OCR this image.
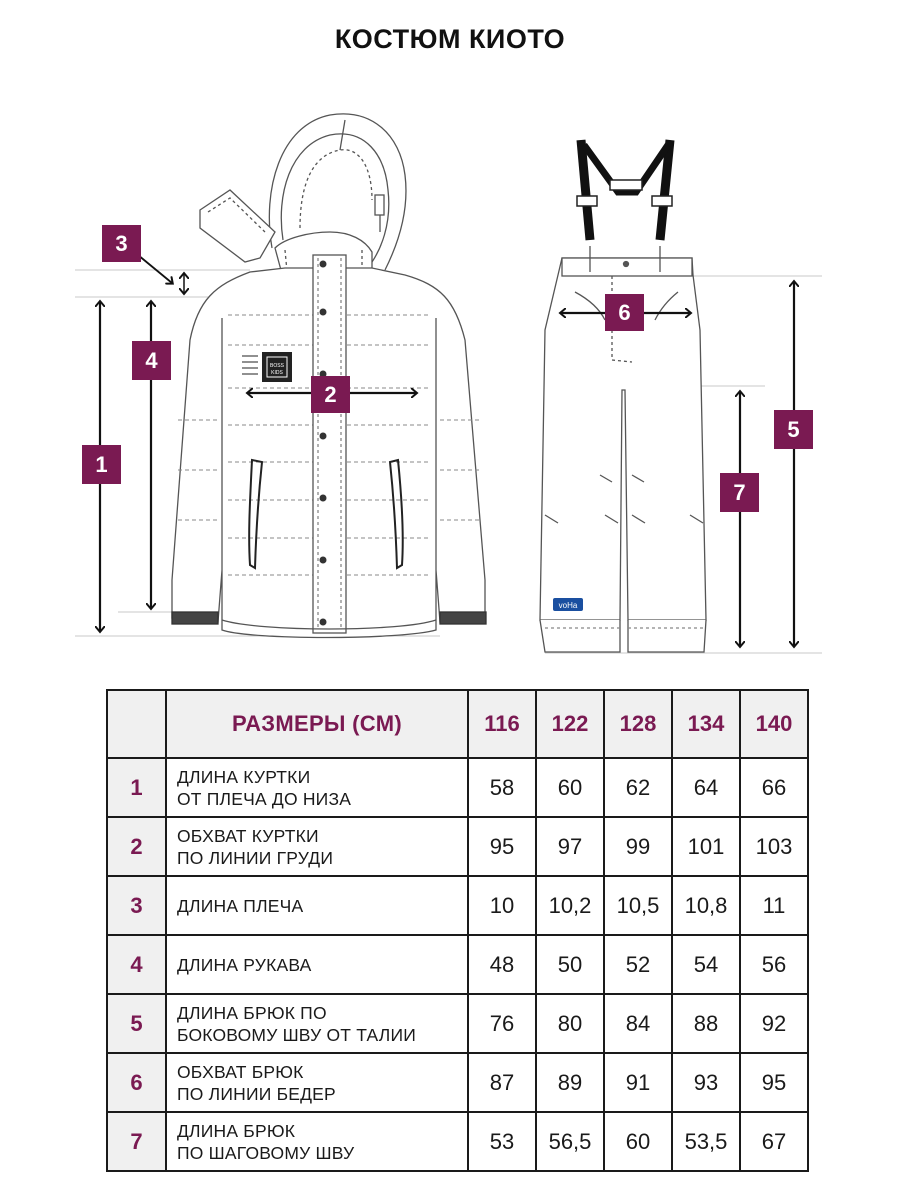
КОСТЮМ КИОТО
BOSS
KIDS
voHa
1
2
3
4
5
6
7
	РАЗМЕРЫ (СМ)	116	122	128	134	140
1	ДЛИНА КУРТКИ
ОТ ПЛЕЧА ДО НИЗА	58	60	62	64	66
2	ОБХВАТ КУРТКИ
ПО ЛИНИИ ГРУДИ	95	97	99	101	103
3	ДЛИНА ПЛЕЧА	10	10,2	10,5	10,8	11
4	ДЛИНА РУКАВА	48	50	52	54	56
5	ДЛИНА БРЮК ПО
БОКОВОМУ ШВУ ОТ ТАЛИИ	76	80	84	88	92
6	ОБХВАТ БРЮК
ПО ЛИНИИ БЕДЕР	87	89	91	93	95
7	ДЛИНА БРЮК
ПО ШАГОВОМУ ШВУ	53	56,5	60	53,5	67
